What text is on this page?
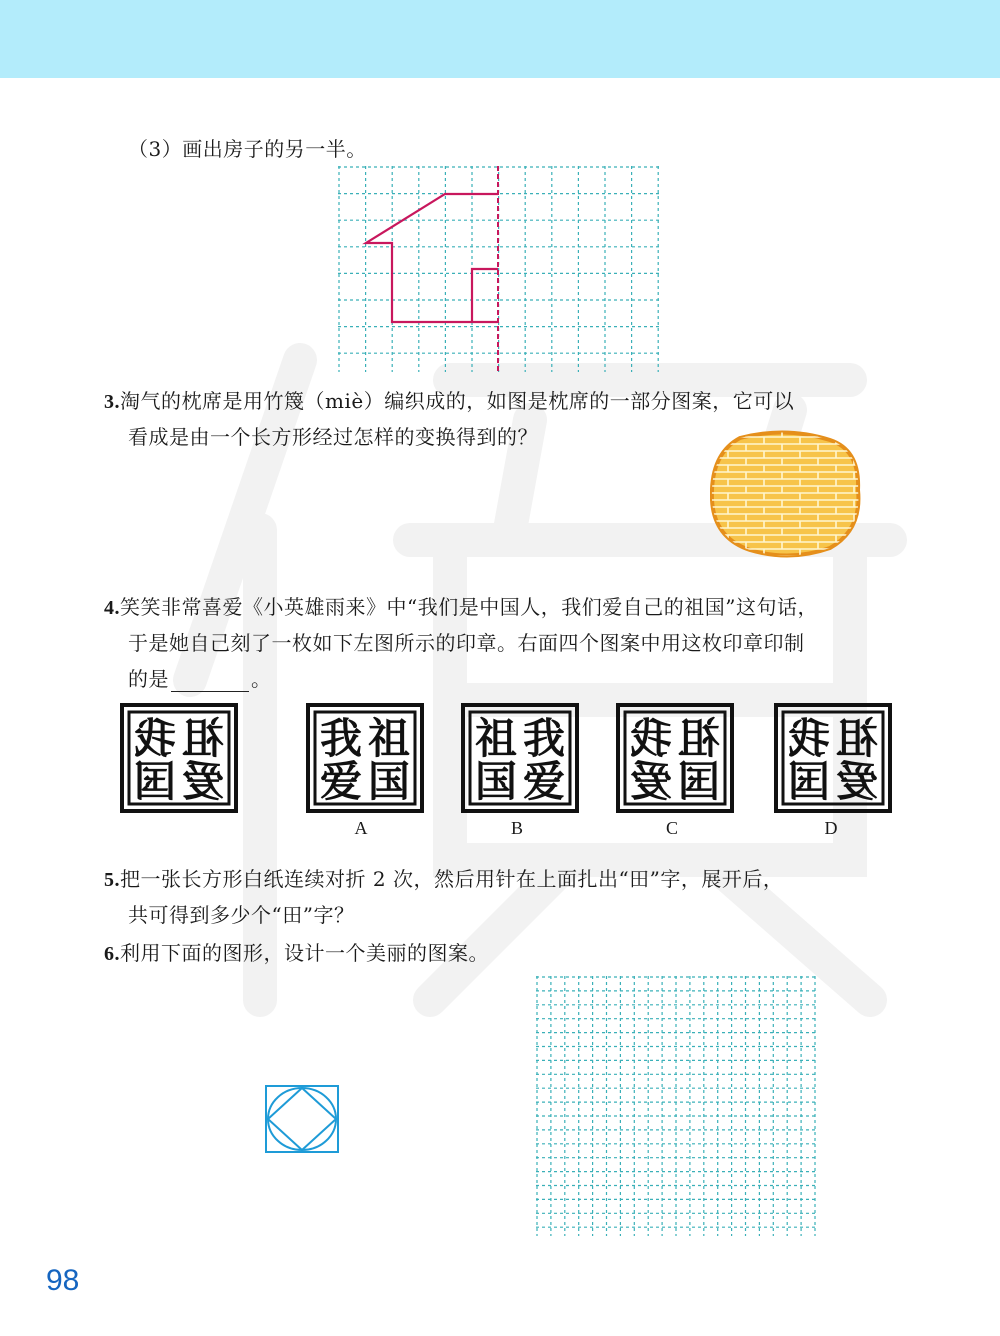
（3）画出房子的另一半。
3.淘气的枕席是用竹篾（miè）编织成的，如图是枕席的一部分图案，它可以
看成是由一个长方形经过怎样的变换得到的？
4.笑笑非常喜爱《小英雄雨来》中“我们是中国人，我们爱自己的祖国”这句话，
于是她自己刻了一枚如下左图所示的印章。右面四个图案中用这枚印章印制
的是	。
我 祖
国 爱
我 祖
爱 国
祖 我
国 爱
我 祖
爱 国
我 祖
国 爱
A	B	C	D
5.把一张长方形白纸连续对折 2 次，然后用针在上面扎出“田”字，展开后，
共可得到多少个“田”字？
6.利用下面的图形，设计一个美丽的图案。
98
